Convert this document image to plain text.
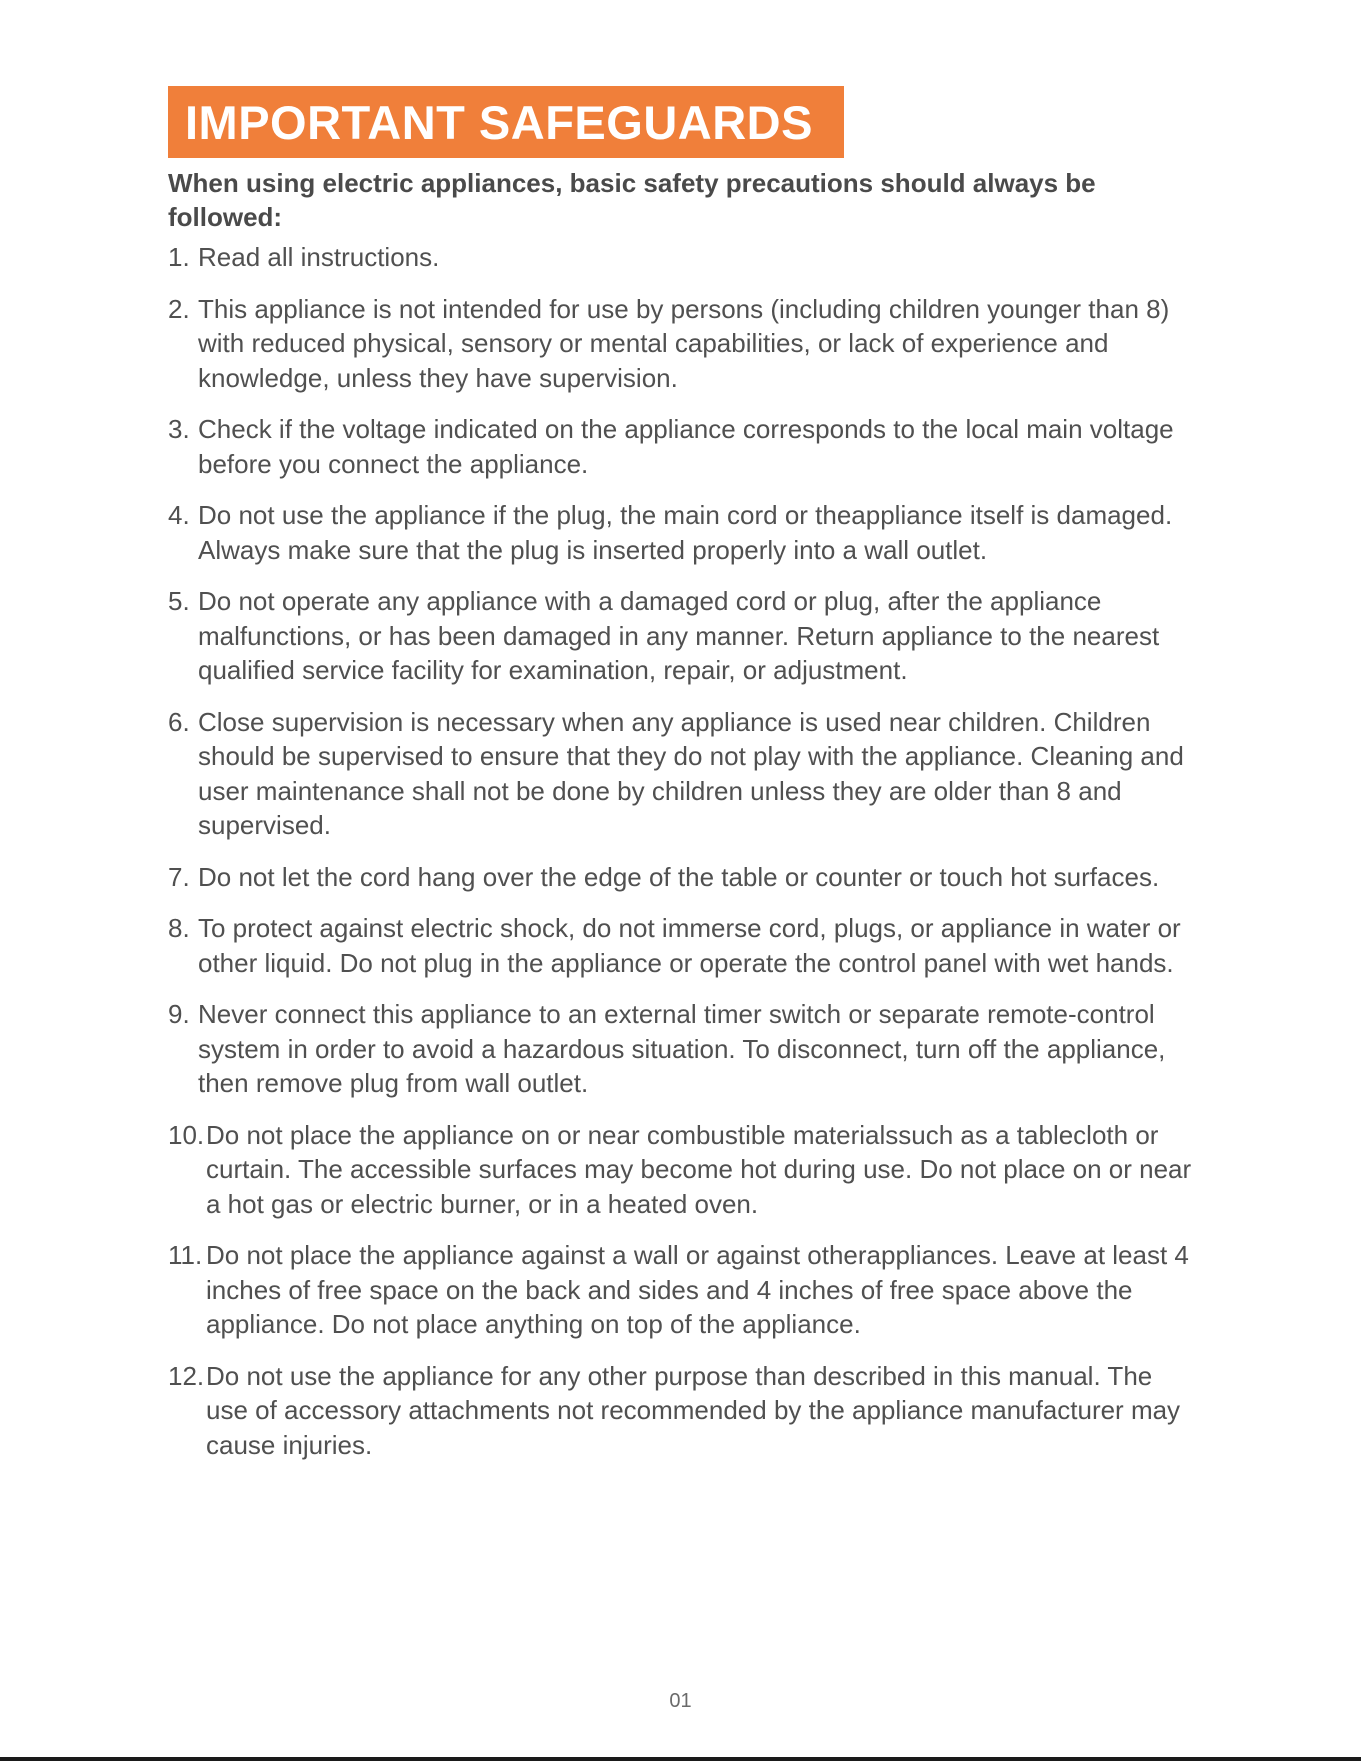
IMPORTANT SAFEGUARDS
When using electric appliances, basic safety precautions should always be followed:
1. Read all instructions.
2. This appliance is not intended for use by persons (including children younger than 8) with reduced physical, sensory or mental capabilities, or lack of experience and knowledge, unless they have supervision.
3. Check if the voltage indicated on the appliance corresponds to the local main voltage before you connect the appliance.
4. Do not use the appliance if the plug, the main cord or theappliance itself is damaged. Always make sure that the plug is inserted properly into a wall outlet.
5. Do not operate any appliance with a damaged cord or plug, after the appliance malfunctions, or has been damaged in any manner. Return appliance to the nearest qualified service facility for examination, repair, or adjustment.
6. Close supervision is necessary when any appliance is used near children. Children should be supervised to ensure that they do not play with the appliance. Cleaning and user maintenance shall not be done by children unless they are older than 8 and supervised.
7. Do not let the cord hang over the edge of the table or counter or touch hot surfaces.
8. To protect against electric shock, do not immerse cord, plugs, or appliance in water or other liquid. Do not plug in the appliance or operate the control panel with wet hands.
9. Never connect this appliance to an external timer switch or separate remote-control system in order to avoid a hazardous situation. To disconnect, turn off the appliance, then remove plug from wall outlet.
10. Do not place the appliance on or near combustible materialssuch as a tablecloth or curtain. The accessible surfaces may become hot during use. Do not place on or near a hot gas or electric burner, or in a heated oven.
11. Do not place the appliance against a wall or against otherappliances. Leave at least 4 inches of free space on the back and sides and 4 inches of free space above the appliance. Do not place anything on top of the appliance.
12. Do not use the appliance for any other purpose than described in this manual. The use of accessory attachments not recommended by the appliance manufacturer may cause injuries.
01
